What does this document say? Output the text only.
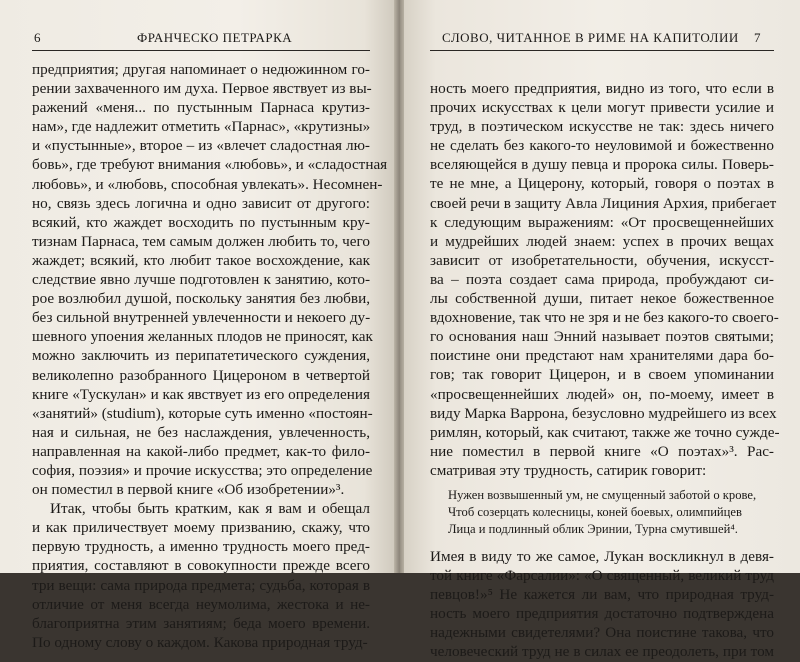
6	ФРАНЧЕСКО ПЕТРАРКА
предприятия; другая напоминает о недюжинном го-
рении захваченного им духа. Первое явствует из вы-
ражений «меня... по пустынным Парнаса крутиз-
нам», где надлежит отметить «Парнас», «крутизны»
и «пустынные», второе – из «влечет сладостная лю-
бовь», где требуют внимания «любовь», и «сладостная
любовь», и «любовь, способная увлекать». Несомнен-
но, связь здесь логична и одно зависит от другого:
всякий, кто жаждет восходить по пустынным кру-
тизнам Парнаса, тем самым должен любить то, чего
жаждет; всякий, кто любит такое восхождение, как
следствие явно лучше подготовлен к занятию, кото-
рое возлюбил душой, поскольку занятия без любви,
без сильной внутренней увлеченности и некоего ду-
шевного упоения желанных плодов не приносят, как
можно заключить из перипатетического суждения,
великолепно разобранного Цицероном в четвертой
книге «Тускулан» и как явствует из его определения
«занятий» (studium), которые суть именно «постоян-
ная и сильная, не без наслаждения, увлеченность,
направленная на какой-либо предмет, как-то фило-
софия, поэзия» и прочие искусства; это определение
он поместил в первой книге «Об изобретении»³.
Итак, чтобы быть кратким, как я вам и обещал
и как приличествует моему призванию, скажу, что
первую трудность, а именно трудность моего пред-
приятия, составляют в совокупности прежде всего
три вещи: сама природа предмета; судьба, которая в
отличие от меня всегда неумолима, жестока и не-
благоприятна этим занятиям; беда моего времени.
По одному слову о каждом. Какова природная труд-
СЛОВО, ЧИТАННОЕ В РИМЕ НА КАПИТОЛИИ 7
ность моего предприятия, видно из того, что если в
прочих искусствах к цели могут привести усилие и
труд, в поэтическом искусстве не так: здесь ничего
не сделать без какого-то неуловимой и божественно
вселяющейся в душу певца и пророка силы. Поверь-
те не мне, а Цицерону, который, говоря о поэтах в
своей речи в защиту Авла Лициния Архия, прибегает
к следующим выражениям: «От просвещеннейших
и мудрейших людей знаем: успех в прочих вещах
зависит от изобретательности, обучения, искусст-
ва – поэта создает сама природа, пробуждают си-
лы собственной души, питает некое божественное
вдохновение, так что не зря и не без какого-то своего-
го основания наш Энний называет поэтов святыми;
поистине они предстают нам хранителями дара бо-
гов; так говорит Цицерон, и в своем упоминании
«просвещеннейших людей» он, по-моему, имеет в
виду Марка Варрона, безусловно мудрейшего из всех
римлян, который, как считают, также же точно сужде-
ние поместил в первой книге «О поэтах»³. Рас-
сматривая эту трудность, сатирик говорит:
Нужен возвышенный ум, не смущенный заботой о крове,
Чтоб созерцать колесницы, коней боевых, олимпийцев
Лица и подлинный облик Эринии, Турна смутившей⁴.
Имея в виду то же самое, Лукан воскликнул в девя-
той книге «Фарсалии»: «О священный, великий труд
певцов!»⁵ Не кажется ли вам, что природная труд-
ность моего предприятия достаточно подтверждена
надежными свидетелями? Она поистине такова, что
человеческий труд не в силах ее преодолеть, при том
